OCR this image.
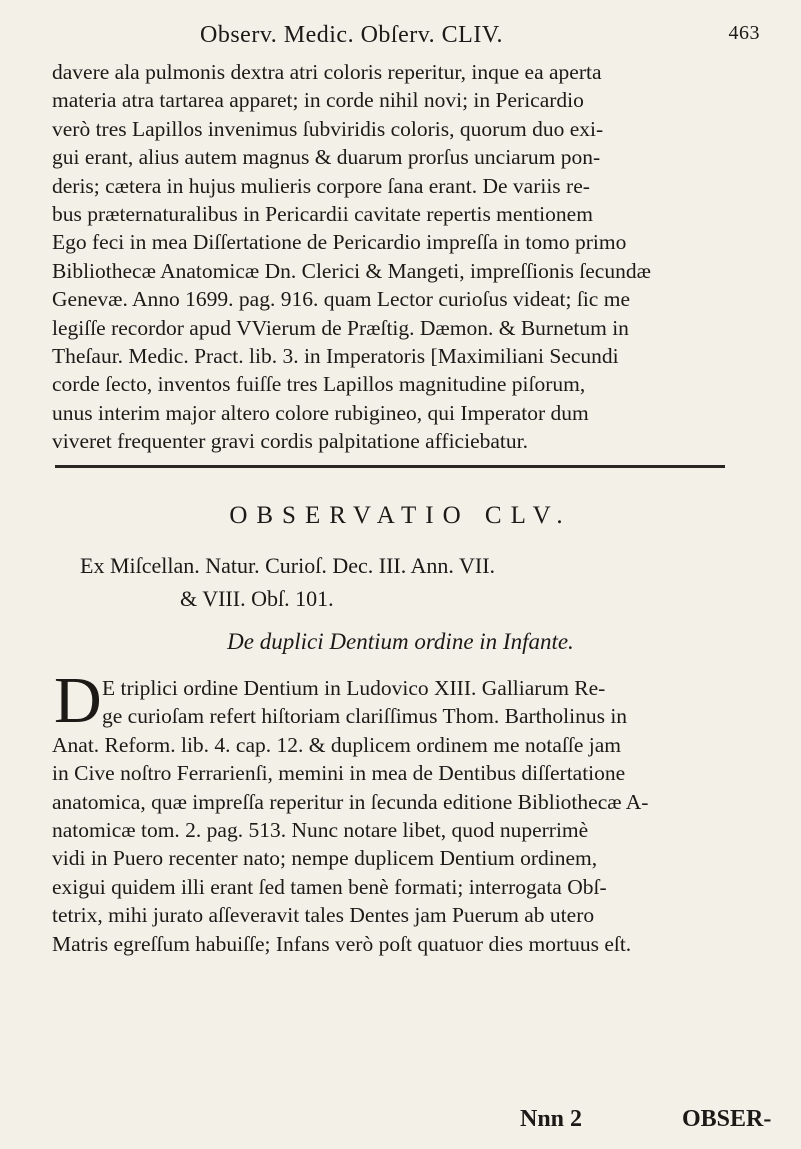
Observ. Medic. Obſerv. CLIV.	463
davere ala pulmonis dextra atri coloris reperitur, inque ea aperta
materia atra tartarea apparet; in corde nihil novi; in Pericardio
verò tres Lapillos invenimus ſubviridis coloris, quorum duo exi-
gui erant, alius autem magnus & duarum prorſus unciarum pon-
deris; cætera in hujus mulieris corpore ſana erant. De variis re-
bus præternaturalibus in Pericardii cavitate repertis mentionem
Ego feci in mea Diſſertatione de Pericardio impreſſa in tomo primo
Bibliothecæ Anatomicæ Dn. Clerici & Mangeti, impreſſionis ſecundæ
Genevæ. Anno 1699. pag. 916. quam Lector curioſus videat; ſic me
legiſſe recordor apud VVierum de Præſtig. Dæmon. & Burnetum in
Theſaur. Medic. Pract. lib. 3. in Imperatoris [Maximiliani Secundi
corde ſecto, inventos fuiſſe tres Lapillos magnitudine piſorum,
unus interim major altero colore rubigineo, qui Imperator dum
viveret frequenter gravi cordis palpitatione afficiebatur.
OBSERVATIO CLV.
Ex Miſcellan. Natur. Curioſ. Dec. III. Ann. VII.
& VIII. Obſ. 101.
De duplici Dentium ordine in Infante.
D E triplici ordine Dentium in Ludovico XIII. Galliarum Re-
ge curioſam refert hiſtoriam clariſſimus Thom. Bartholinus in
Anat. Reform. lib. 4. cap. 12. & duplicem ordinem me notaſſe jam
in Cive noſtro Ferrarienſi, memini in mea de Dentibus diſſertatione
anatomica, quæ impreſſa reperitur in ſecunda editione Bibliothecæ A-
natomicæ tom. 2. pag. 513. Nunc notare libet, quod nuperrimè
vidi in Puero recenter nato; nempe duplicem Dentium ordinem,
exigui quidem illi erant ſed tamen benè formati; interrogata Obſ-
tetrix, mihi jurato aſſeveravit tales Dentes jam Puerum ab utero
Matris egreſſum habuiſſe; Infans verò poſt quatuor dies mortuus eſt.
Nnn 2	OBSER-
